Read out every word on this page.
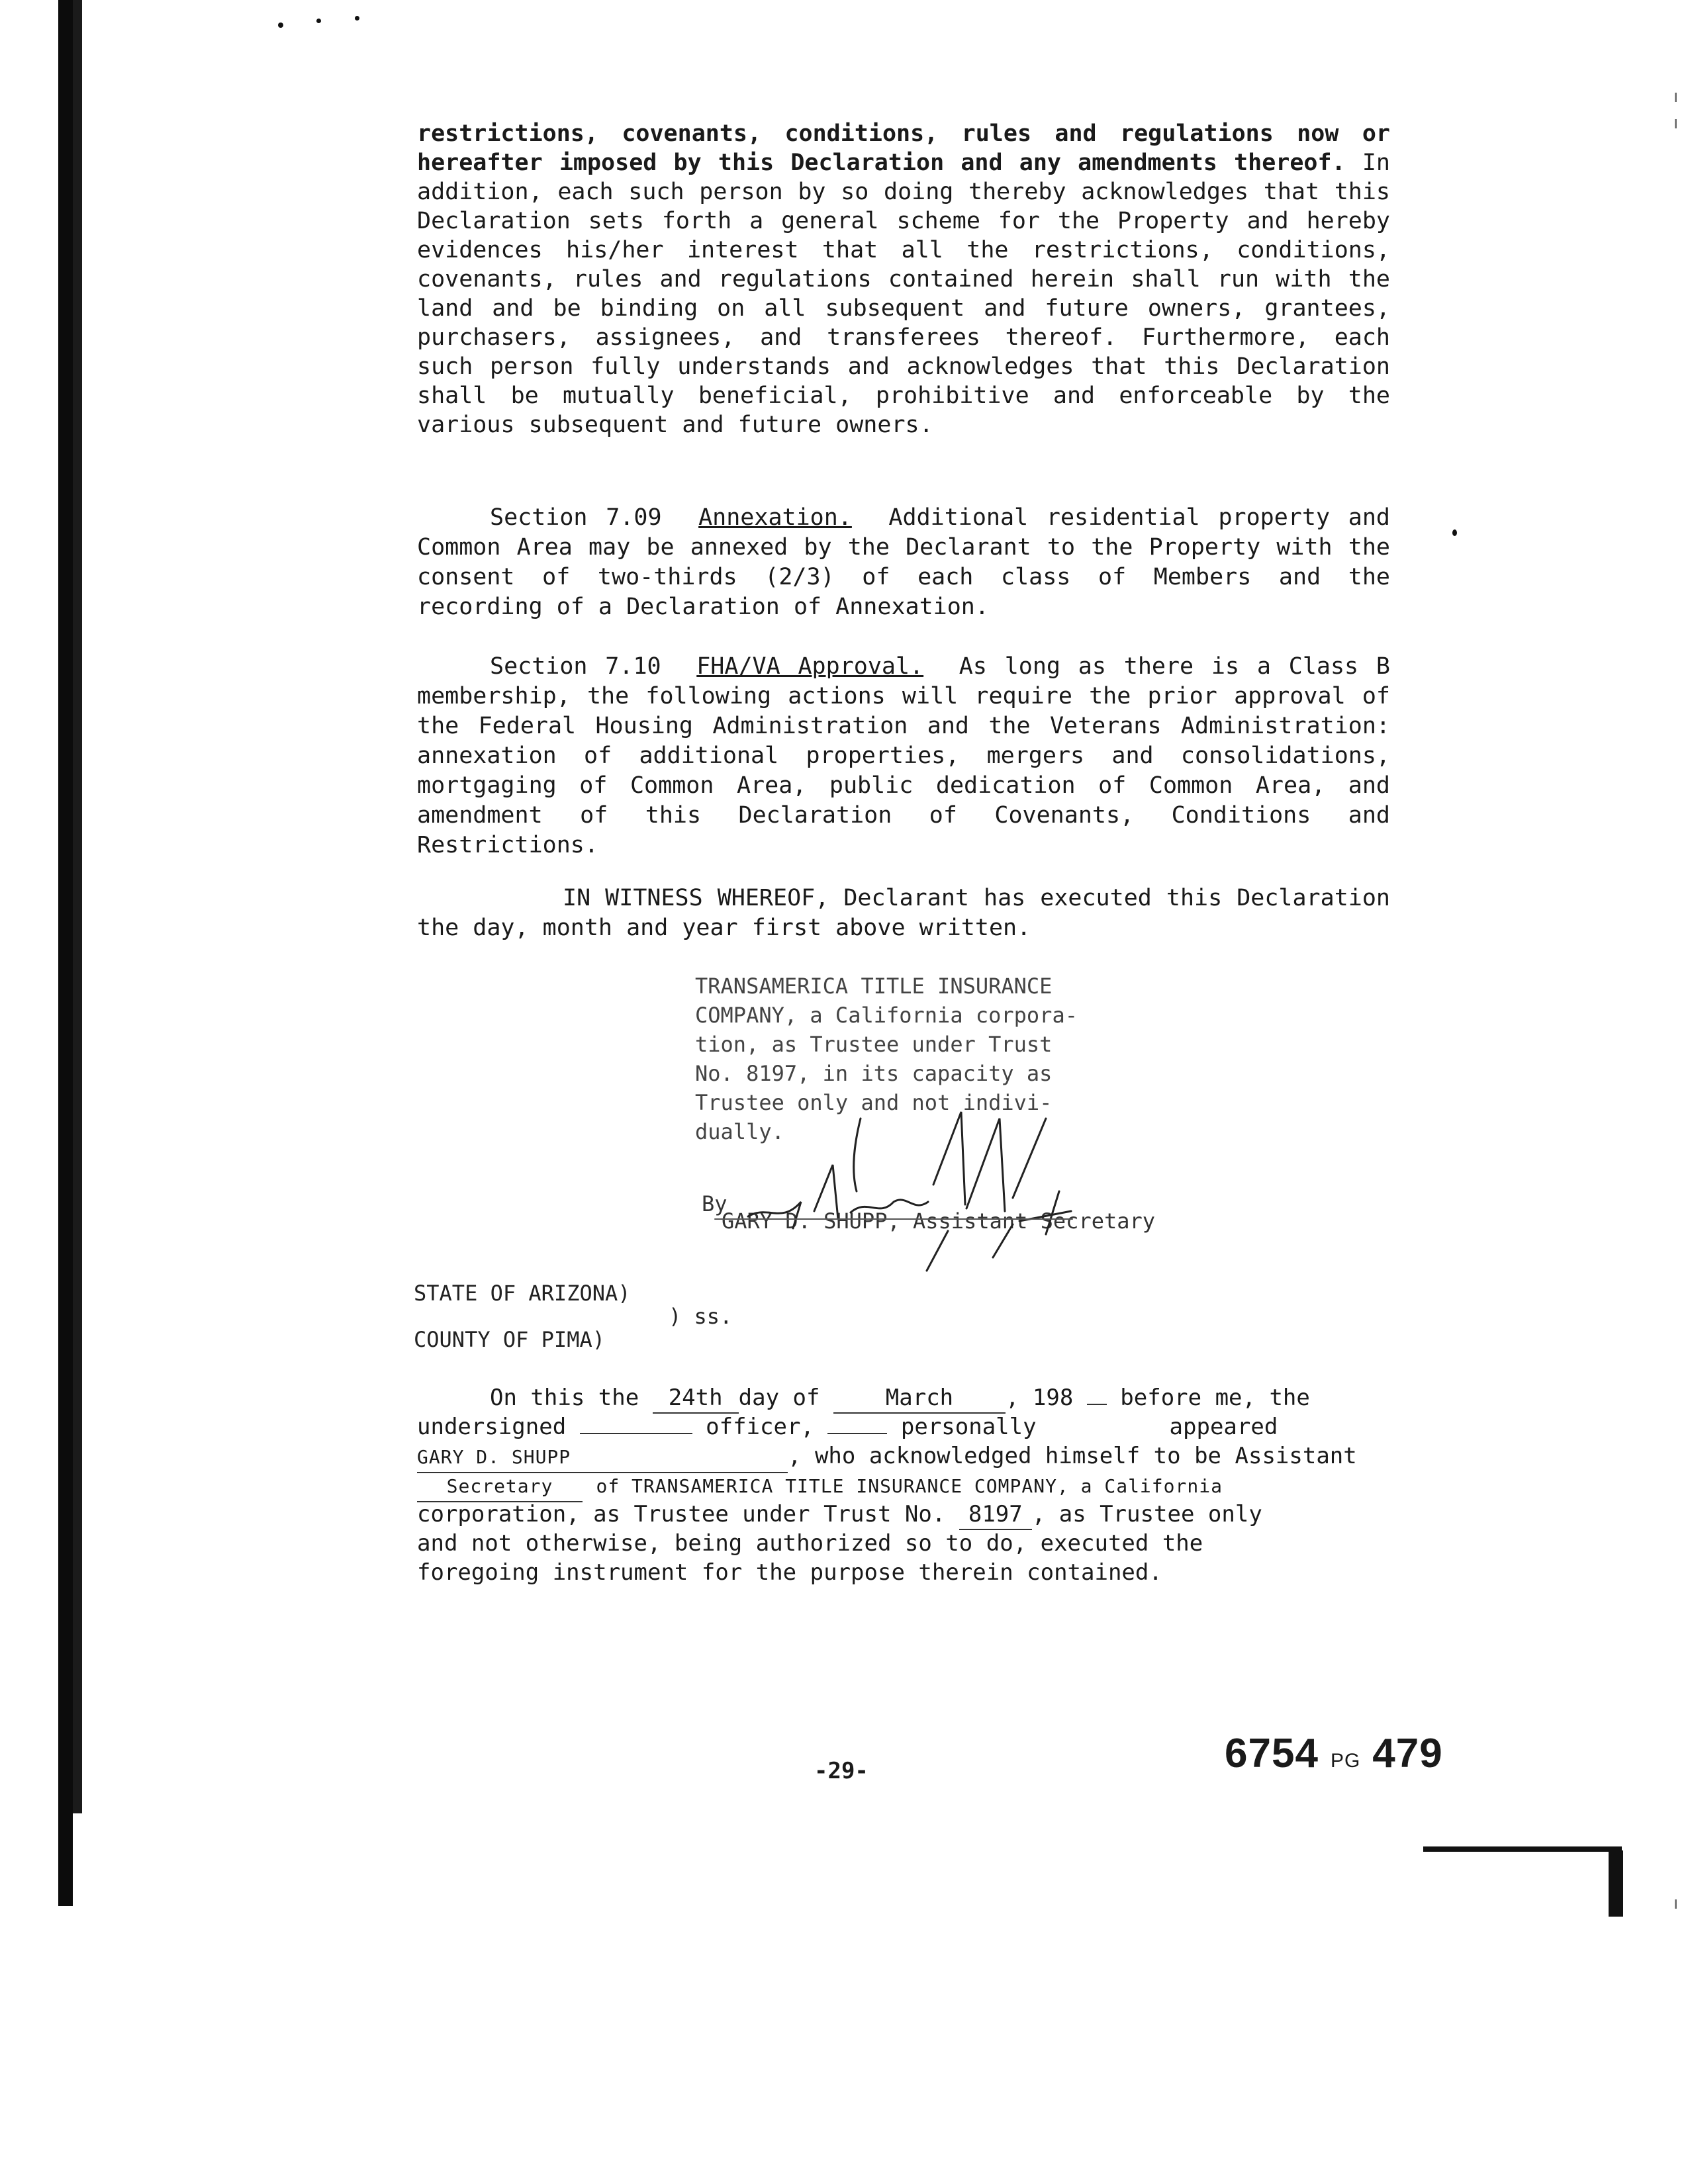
restrictions, covenants, conditions, rules and regulations now or hereafter imposed by this Declaration and any amendments thereof. In addition, each such person by so doing thereby acknowledges that this Declaration sets forth a general scheme for the Property and hereby evidences his/her interest that all the restrictions, conditions, covenants, rules and regulations contained herein shall run with the land and be binding on all subsequent and future owners, grantees, purchasers, assignees, and transferees thereof. Furthermore, each such person fully understands and acknowledges that this Declaration shall be mutually beneficial, prohibitive and enforceable by the various subsequent and future owners.

Section 7.09 Annexation. Additional residential property and Common Area may be annexed by the Declarant to the Property with the consent of two-thirds (2/3) of each class of Members and the recording of a Declaration of Annexation.

Section 7.10 FHA/VA Approval. As long as there is a Class B membership, the following actions will require the prior approval of the Federal Housing Administration and the Veterans Administration: annexation of additional properties, mergers and consolidations, mortgaging of Common Area, public dedication of Common Area, and amendment of this Declaration of Covenants, Conditions and Restrictions.

IN WITNESS WHEREOF, Declarant has executed this Declaration the day, month and year first above written.

TRANSAMERICA TITLE INSURANCE
COMPANY, a California corpora-
tion, as Trustee under Trust
No. 8197, in its capacity as
Trustee only and not indivi-
dually.
By
GARY D. SHUPP, Assistant Secretary
STATE OF ARIZONA)
) ss.
COUNTY OF PIMA)
On this the 24th day of	March , 198 before me, the
undersigned	officer,	personally	appeared
GARY D. SHUPP	, who acknowledged himself to be Assistant
Secretary of TRANSAMERICA TITLE INSURANCE COMPANY, a California
corporation, as Trustee under Trust No. 8197 , as Trustee only
and not otherwise, being authorized so to do, executed the
foregoing instrument for the purpose therein contained.
-29-	6754 PG 479
